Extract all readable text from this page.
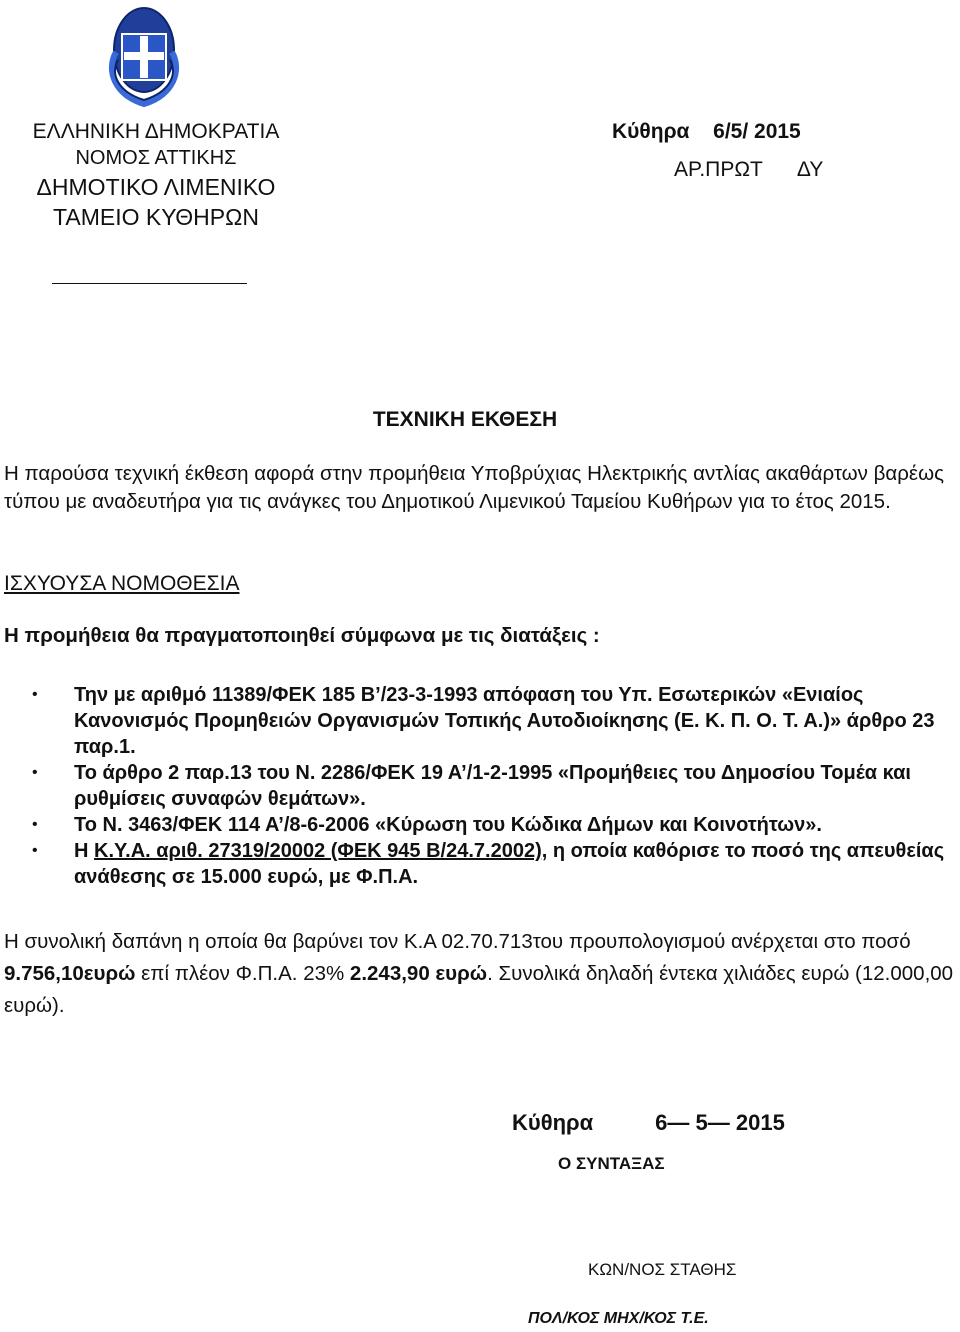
ΕΛΛΗΝΙΚΗ ΔΗΜΟΚΡΑΤΙΑ
ΝΟΜΟΣ ΑΤΤΙΚΗΣ
ΔΗΜΟΤΙΚΟ ΛΙΜΕΝΙΚΟ
ΤΑΜΕΙΟ ΚΥΘΗΡΩΝ
Κύθηρα 6/5/ 2015
ΑΡ.ΠΡΩΤ ΔΥ
ΤΕΧΝΙΚΗ ΕΚΘΕΣΗ
Η παρούσα τεχνική έκθεση αφορά στην προμήθεια Υποβρύχιας Ηλεκτρικής αντλίας ακαθάρτων βαρέως τύπου με αναδευτήρα για τις ανάγκες του Δημοτικού Λιμενικού Ταμείου Κυθήρων για το έτος 2015.
ΙΣΧΥΟΥΣΑ ΝΟΜΟΘΕΣΙΑ
Η προμήθεια θα πραγματοποιηθεί σύμφωνα με τις διατάξεις :
• Την με αριθμό 11389/ΦΕΚ 185 Β’/23-3-1993 απόφαση του Υπ. Εσωτερικών «Ενιαίος Κανονισμός Προμηθειών Οργανισμών Τοπικής Αυτοδιοίκησης (Ε. Κ. Π. Ο. Τ. Α.)» άρθρο 23 παρ.1.
• Το άρθρο 2 παρ.13 του Ν. 2286/ΦΕΚ 19 Α’/1-2-1995 «Προμήθειες του Δημοσίου Τομέα και ρυθμίσεις συναφών θεμάτων».
• Το Ν. 3463/ΦΕΚ 114 Α’/8-6-2006 «Κύρωση του Κώδικα Δήμων και Κοινοτήτων».
• Η Κ.Υ.Α. αριθ. 27319/20002 (ΦΕΚ 945 Β/24.7.2002), η οποία καθόρισε το ποσό της απευθείας ανάθεσης σε 15.000 ευρώ, με Φ.Π.Α.
Η συνολική δαπάνη η οποία θα βαρύνει τον Κ.Α 02.70.713του προυπολογισμού ανέρχεται στο ποσό 9.756,10ευρώ επί πλέον Φ.Π.Α. 23% 2.243,90 ευρώ. Συνολικά δηλαδή έντεκα χιλιάδες ευρώ (12.000,00 ευρώ).
Κύθηρα	6— 5— 2015
Ο ΣΥΝΤΑΞΑΣ
ΚΩΝ/ΝΟΣ ΣΤΑΘΗΣ
ΠΟΛ/ΚΟΣ ΜΗΧ/ΚΟΣ Τ.Ε.
